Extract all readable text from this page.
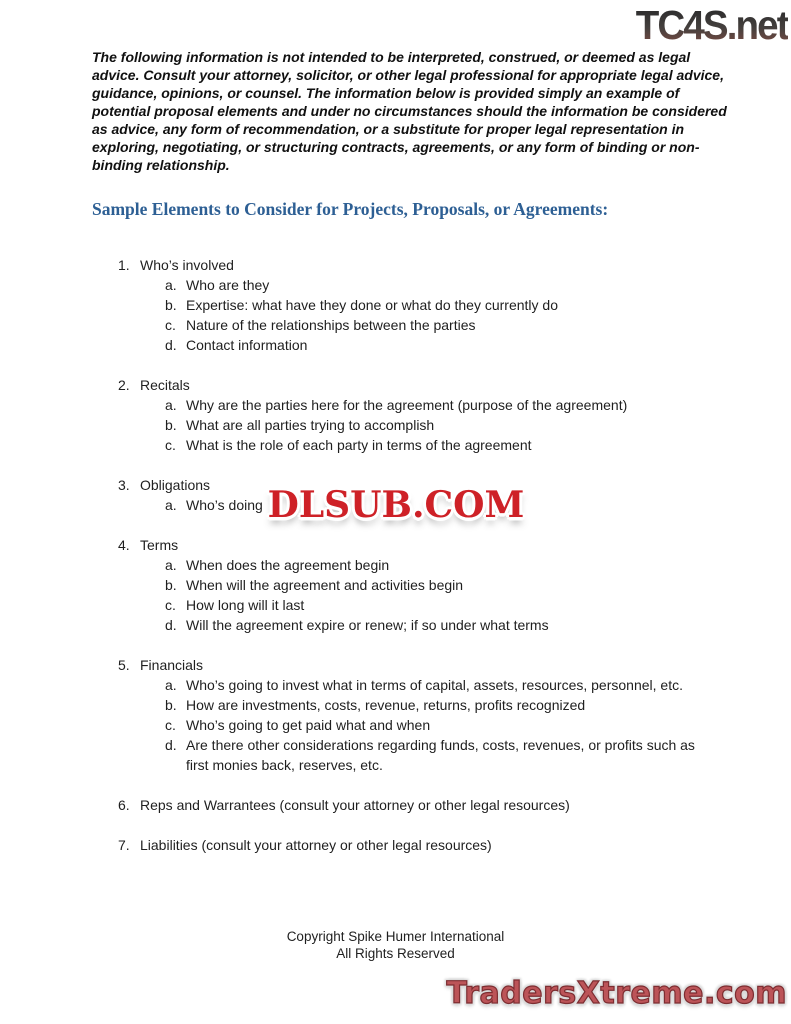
TC4S.net
The following information is not intended to be interpreted, construed, or deemed as legal advice. Consult your attorney, solicitor, or other legal professional for appropriate legal advice, guidance, opinions, or counsel. The information below is provided simply an example of potential proposal elements and under no circumstances should the information be considered as advice, any form of recommendation, or a substitute for proper legal representation in exploring, negotiating, or structuring contracts, agreements, or any form of binding or non-binding relationship.
Sample Elements to Consider for Projects, Proposals, or Agreements:
1. Who’s involved
a. Who are they
b. Expertise: what have they done or what do they currently do
c. Nature of the relationships between the parties
d. Contact information
2. Recitals
a. Why are the parties here for the agreement (purpose of the agreement)
b. What are all parties trying to accomplish
c. What is the role of each party in terms of the agreement
3. Obligations
a. Who’s doing
4. Terms
a. When does the agreement begin
b. When will the agreement and activities begin
c. How long will it last
d. Will the agreement expire or renew; if so under what terms
5. Financials
a. Who’s going to invest what in terms of capital, assets, resources, personnel, etc.
b. How are investments, costs, revenue, returns, profits recognized
c. Who’s going to get paid what and when
d. Are there other considerations regarding funds, costs, revenues, or profits such as first monies back, reserves, etc.
6. Reps and Warrantees (consult your attorney or other legal resources)
7. Liabilities (consult your attorney or other legal resources)
DLSUB.COM
Copyright Spike Humer International
All Rights Reserved
TradersXtreme.com
